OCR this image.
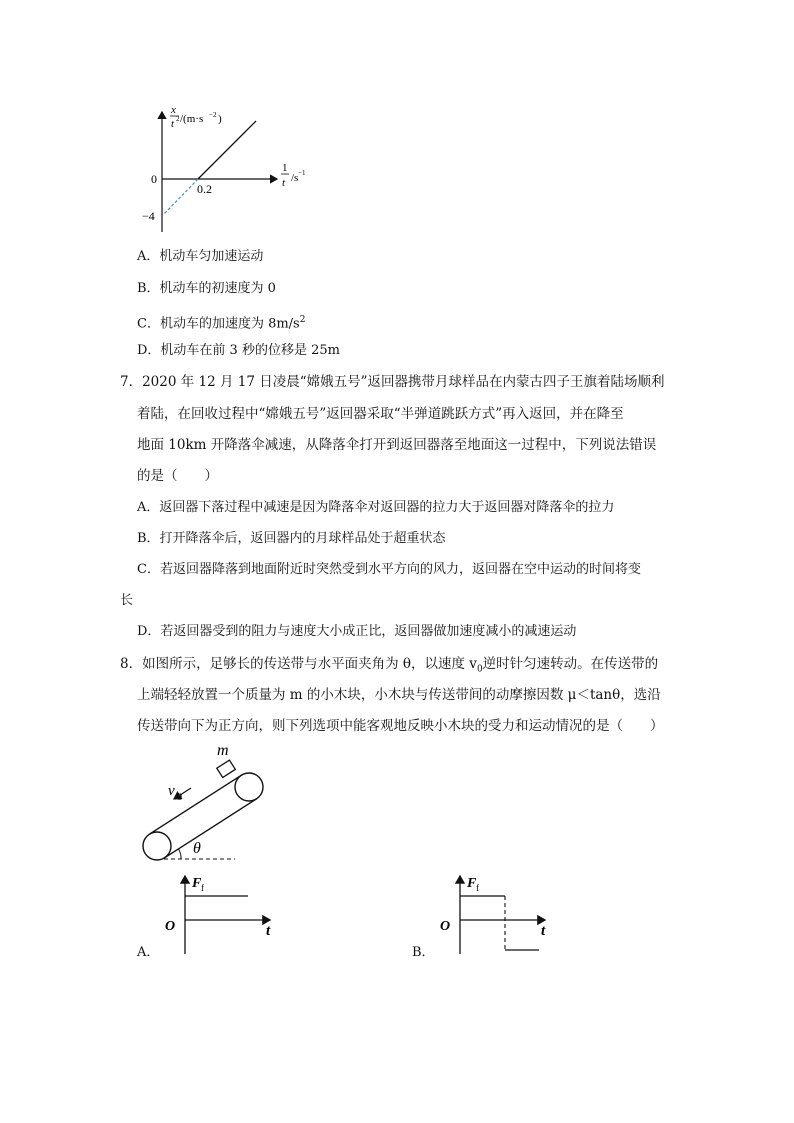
x
t 2 /(m·s −2 )
1
t /s −1
0
0.2
−4
A．机动车匀加速运动
B．机动车的初速度为 0
C．机动车的加速度为 $8m/s^2$
D．机动车在前 3 秒的位移是 25m
7．2020 年 12 月 17 日凌晨“嫦娥五号”返回器携带月球样品在内蒙古四子王旗着陆场顺利
着陆，在回收过程中“嫦娥五号”返回器采取“半弹道跳跃方式”再入返回，并在降至
地面 10km 开降落伞减速，从降落伞打开到返回器落至地面这一过程中，下列说法错误
的是（　　）
A．返回器下落过程中减速是因为降落伞对返回器的拉力大于返回器对降落伞的拉力
B．打开降落伞后，返回器内的月球样品处于超重状态
C．若返回器降落到地面附近时突然受到水平方向的风力，返回器在空中运动的时间将变
长
D．若返回器受到的阻力与速度大小成正比，返回器做加速度减小的减速运动
8．如图所示，足够长的传送带与水平面夹角为 θ，以速度 $v_0$逆时针匀速转动。在传送带的
上端轻轻放置一个质量为 m 的小木块，小木块与传送带间的动摩擦因数 μ＜tanθ，选沿
传送带向下为正方向，则下列选项中能客观地反映小木块的受力和运动情况的是（　　）
m
v 0
θ
F f
t
O
A．
F f
t
O
B．
